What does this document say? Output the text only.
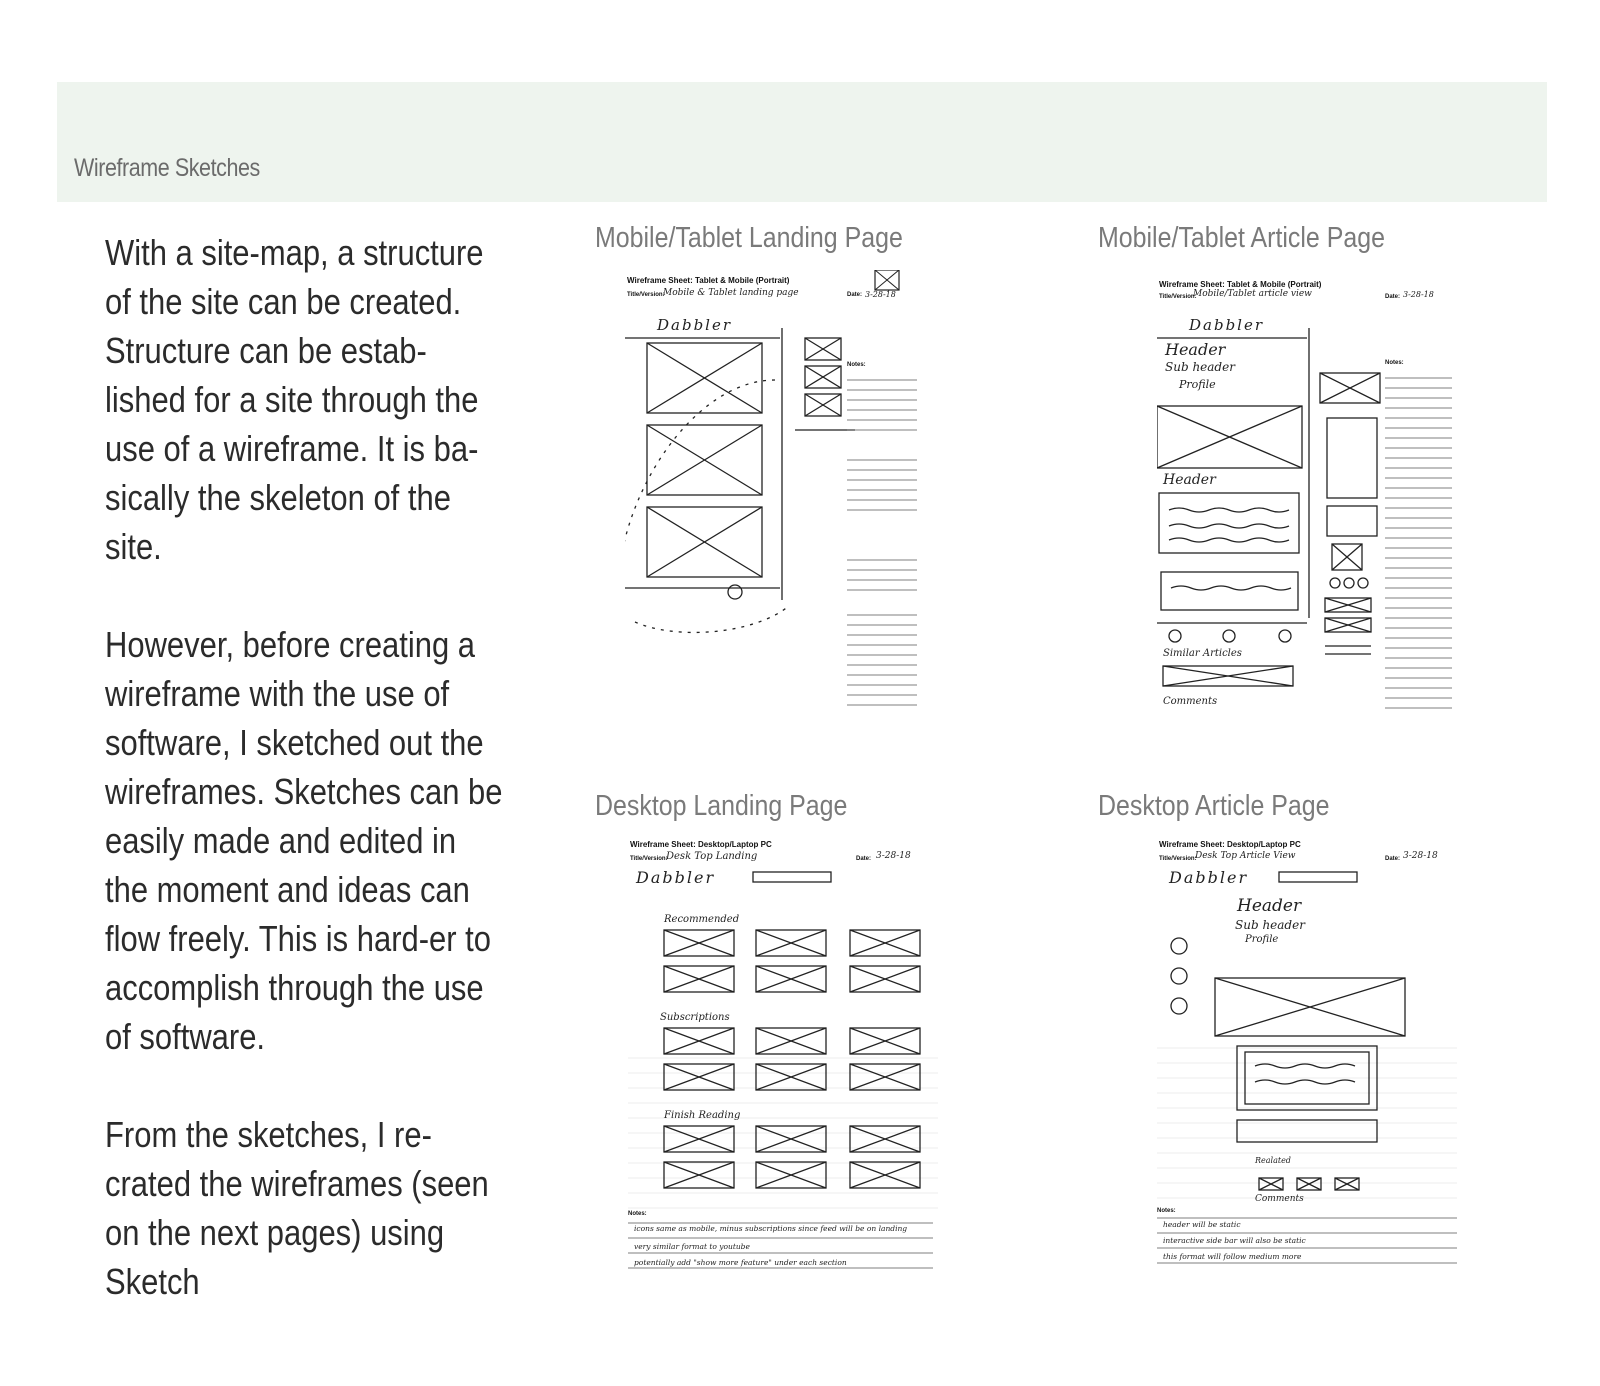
Wireframe Sketches

With a site-map, a structure of the site can be created. Structure can be estab-lished for a site through the use of a wireframe. It is ba-sically the skeleton of the site.

However, before creating a wireframe with the use of software, I sketched out the wireframes. Sketches can be easily made and edited in the moment and ideas can flow freely. This is hard-er to accomplish through the use of software.

From the sketches, I re-crated the wireframes (seen on the next pages) using Sketch

Mobile/Tablet Landing Page
Wireframe Sheet: Tablet & Mobile (Portrait)
Title/Version:
Mobile & Tablet landing page	Date: 3-28-18
Dabbler
Notes:
Mobile/Tablet Article Page
Wireframe Sheet: Tablet & Mobile (Portrait)
Title/Version:
Mobile/Tablet article view	Date: 3-28-18
Dabbler
Header
Sub header
Profile
Header
Similar Articles
Comments
Notes:
Desktop Landing Page
Wireframe Sheet: Desktop/Laptop PC
Title/Version:
Desk Top Landing	Date: 3-28-18
Dabbler
Recommended
Subscriptions
Finish Reading
Notes:
icons same as mobile, minus subscriptions since feed will be on landing
very similar format to youtube
potentially add "show more feature" under each section
Desktop Article Page
Wireframe Sheet: Desktop/Laptop PC
Title/Version:
Desk Top Article View	Date: 3-28-18
Dabbler
Header
Sub header
Profile
Realated
Comments
Notes:
header will be static
interactive side bar will also be static
this format will follow medium more
